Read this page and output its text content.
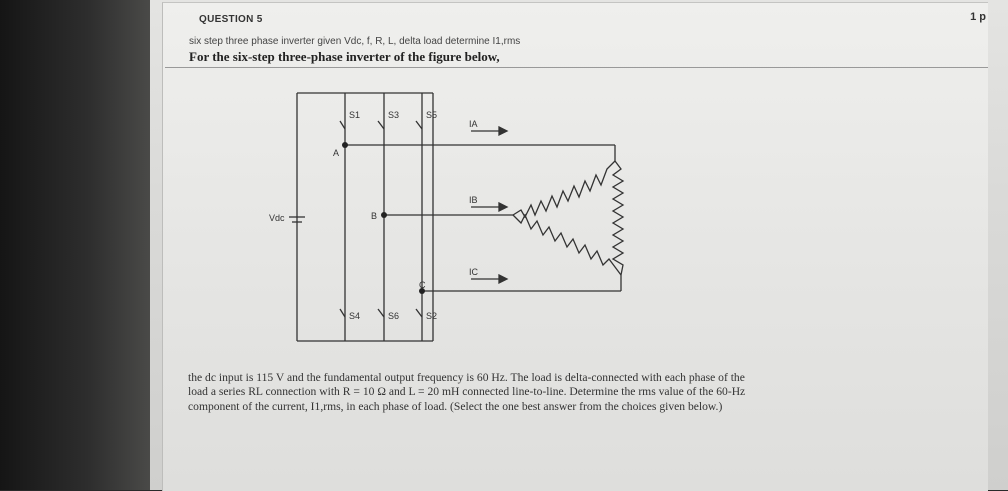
QUESTION 5	1 p
six step three phase inverter given Vdc, f, R, L, delta load determine I1,rms
For the six-step three-phase inverter of the figure below,
S1	S3	S5
S4	S6	S2
A
B
C
IA
IB
IC
Vdc
the dc input is 115 V and the fundamental output frequency is 60 Hz. The load is delta-connected with each phase of the load a series RL connection with R = 10 Ω and L = 20 mH connected line-to-line. Determine the rms value of the 60-Hz component of the current, I1,rms, in each phase of load. (Select the one best answer from the choices given below.)
